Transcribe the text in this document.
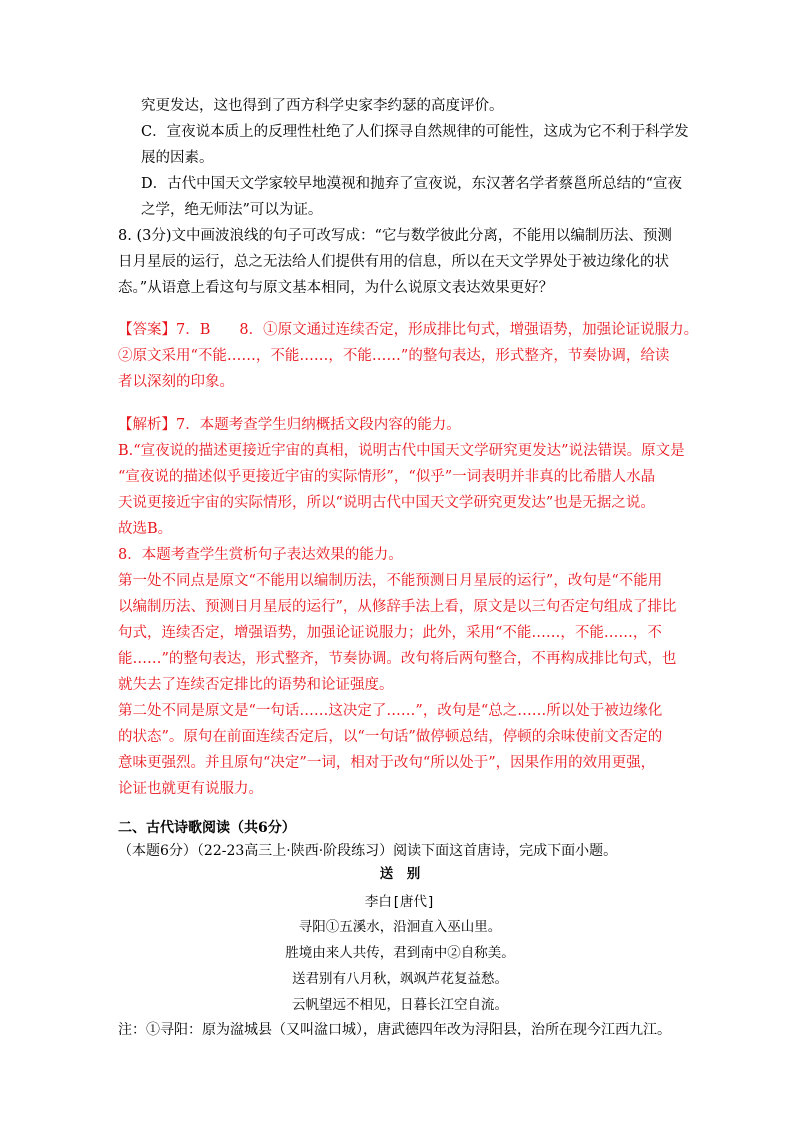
究更发达，这也得到了西方科学史家李约瑟的高度评价。
C．宣夜说本质上的反理性杜绝了人们探寻自然规律的可能性，这成为它不利于科学发
展的因素。
D．古代中国天文学家较早地漠视和抛弃了宣夜说，东汉著名学者蔡邕所总结的“宣夜
之学，绝无师法”可以为证。
8. (3分)文中画波浪线的句子可改写成：“它与数学彼此分离，不能用以编制历法、预测
日月星辰的运行，总之无法给人们提供有用的信息，所以在天文学界处于被边缘化的状
态。”从语意上看这句与原文基本相同，为什么说原文表达效果更好？
【答案】7．B　　8．①原文通过连续否定，形成排比句式，增强语势，加强论证说服力。
②原文采用“不能……，不能……，不能……”的整句表达，形式整齐，节奏协调，给读
者以深刻的印象。
【解析】7．本题考查学生归纳概括文段内容的能力。
B.“宣夜说的描述更接近宇宙的真相，说明古代中国天文学研究更发达”说法错误。原文是
“宣夜说的描述似乎更接近宇宙的实际情形”，“似乎”一词表明并非真的比希腊人水晶
天说更接近宇宙的实际情形，所以“说明古代中国天文学研究更发达”也是无据之说。
故选B。
8．本题考查学生赏析句子表达效果的能力。
第一处不同点是原文“不能用以编制历法，不能预测日月星辰的运行”，改句是“不能用
以编制历法、预测日月星辰的运行”，从修辞手法上看，原文是以三句否定句组成了排比
句式，连续否定，增强语势，加强论证说服力；此外，采用“不能……，不能……，不
能……”的整句表达，形式整齐，节奏协调。改句将后两句整合，不再构成排比句式，也
就失去了连续否定排比的语势和论证强度。
第二处不同是原文是“一句话……这决定了……”，改句是“总之……所以处于被边缘化
的状态”。原句在前面连续否定后，以“一句话”做停顿总结，停顿的余味使前文否定的
意味更强烈。并且原句“决定”一词，相对于改句“所以处于”，因果作用的效用更强，
论证也就更有说服力。
二、古代诗歌阅读（共6分）
（本题6分）（22-23高三上·陕西·阶段练习）阅读下面这首唐诗，完成下面小题。
送　别
李白[唐代]
寻阳①五溪水，沿洄直入巫山里。
胜境由来人共传，君到南中②自称美。
送君别有八月秋，飒飒芦花复益愁。
云帆望远不相见，日暮长江空自流。
注：①寻阳：原为湓城县（又叫湓口城），唐武德四年改为浔阳县，治所在现今江西九江。
